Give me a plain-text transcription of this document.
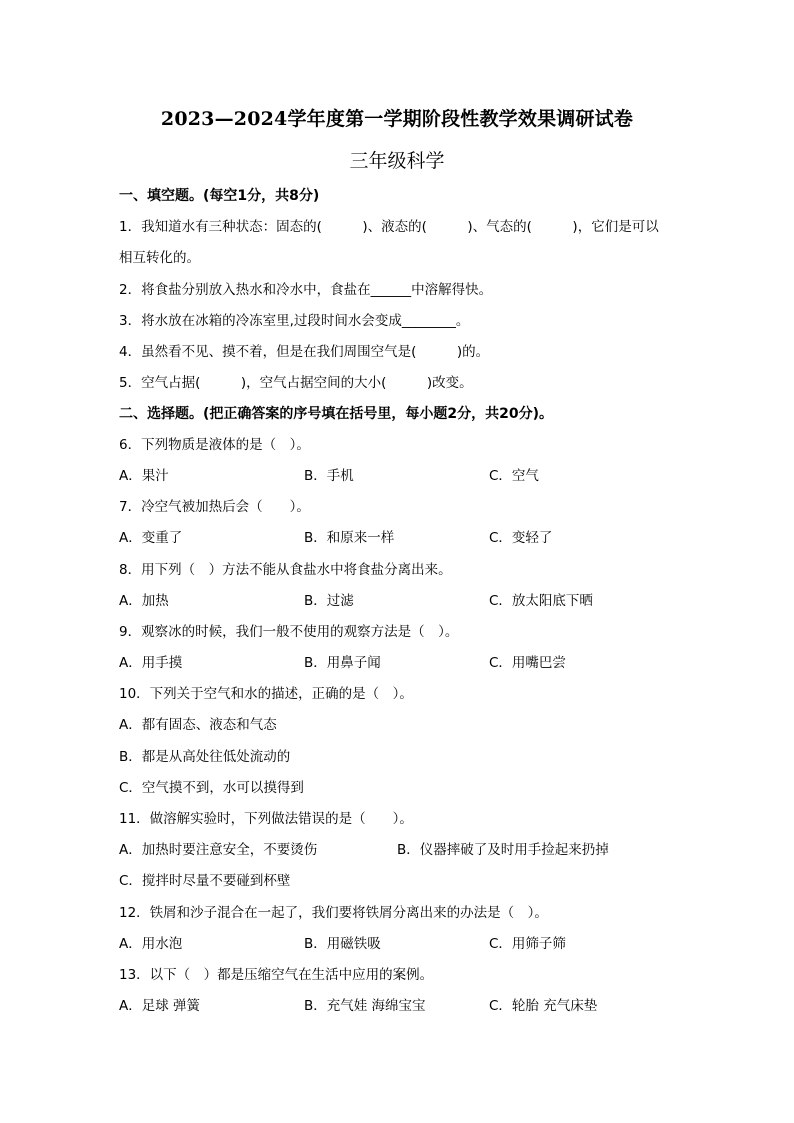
2023—2024学年度第一学期阶段性教学效果调研试卷
三年级科学
一、填空题。(每空1分，共8分)
1．我知道水有三种状态：固态的(　　　)、液态的(　　　)、气态的(　　　)，它们是可以
相互转化的。
2．将食盐分别放入热水和冷水中，食盐在______中溶解得快。
3．将水放在冰箱的冷冻室里,过段时间水会变成________。
4．虽然看不见、摸不着，但是在我们周围空气是(　　　)的。
5．空气占据(　　　)，空气占据空间的大小(　　　)改变。
二、选择题。(把正确答案的序号填在括号里，每小题2分，共20分)。
6．下列物质是液体的是（　）。
A．果汁	B．手机	C．空气
7．冷空气被加热后会（　　）。
A．变重了	B．和原来一样	C．变轻了
8．用下列（　）方法不能从食盐水中将食盐分离出来。
A．加热	B．过滤	C．放太阳底下晒
9．观察冰的时候，我们一般不使用的观察方法是（　）。
A．用手摸	B．用鼻子闻	C．用嘴巴尝
10．下列关于空气和水的描述，正确的是（　）。
A．都有固态、液态和气态
B．都是从高处往低处流动的
C．空气摸不到，水可以摸得到
11．做溶解实验时，下列做法错误的是（　　）。
A．加热时要注意安全，不要烫伤	B．仪器摔破了及时用手捡起来扔掉
C．搅拌时尽量不要碰到杯壁
12．铁屑和沙子混合在一起了，我们要将铁屑分离出来的办法是（　）。
A．用水泡	B．用磁铁吸	C．用筛子筛
13．以下（　）都是压缩空气在生活中应用的案例。
A．足球 弹簧	B．充气娃 海绵宝宝	C．轮胎 充气床垫
